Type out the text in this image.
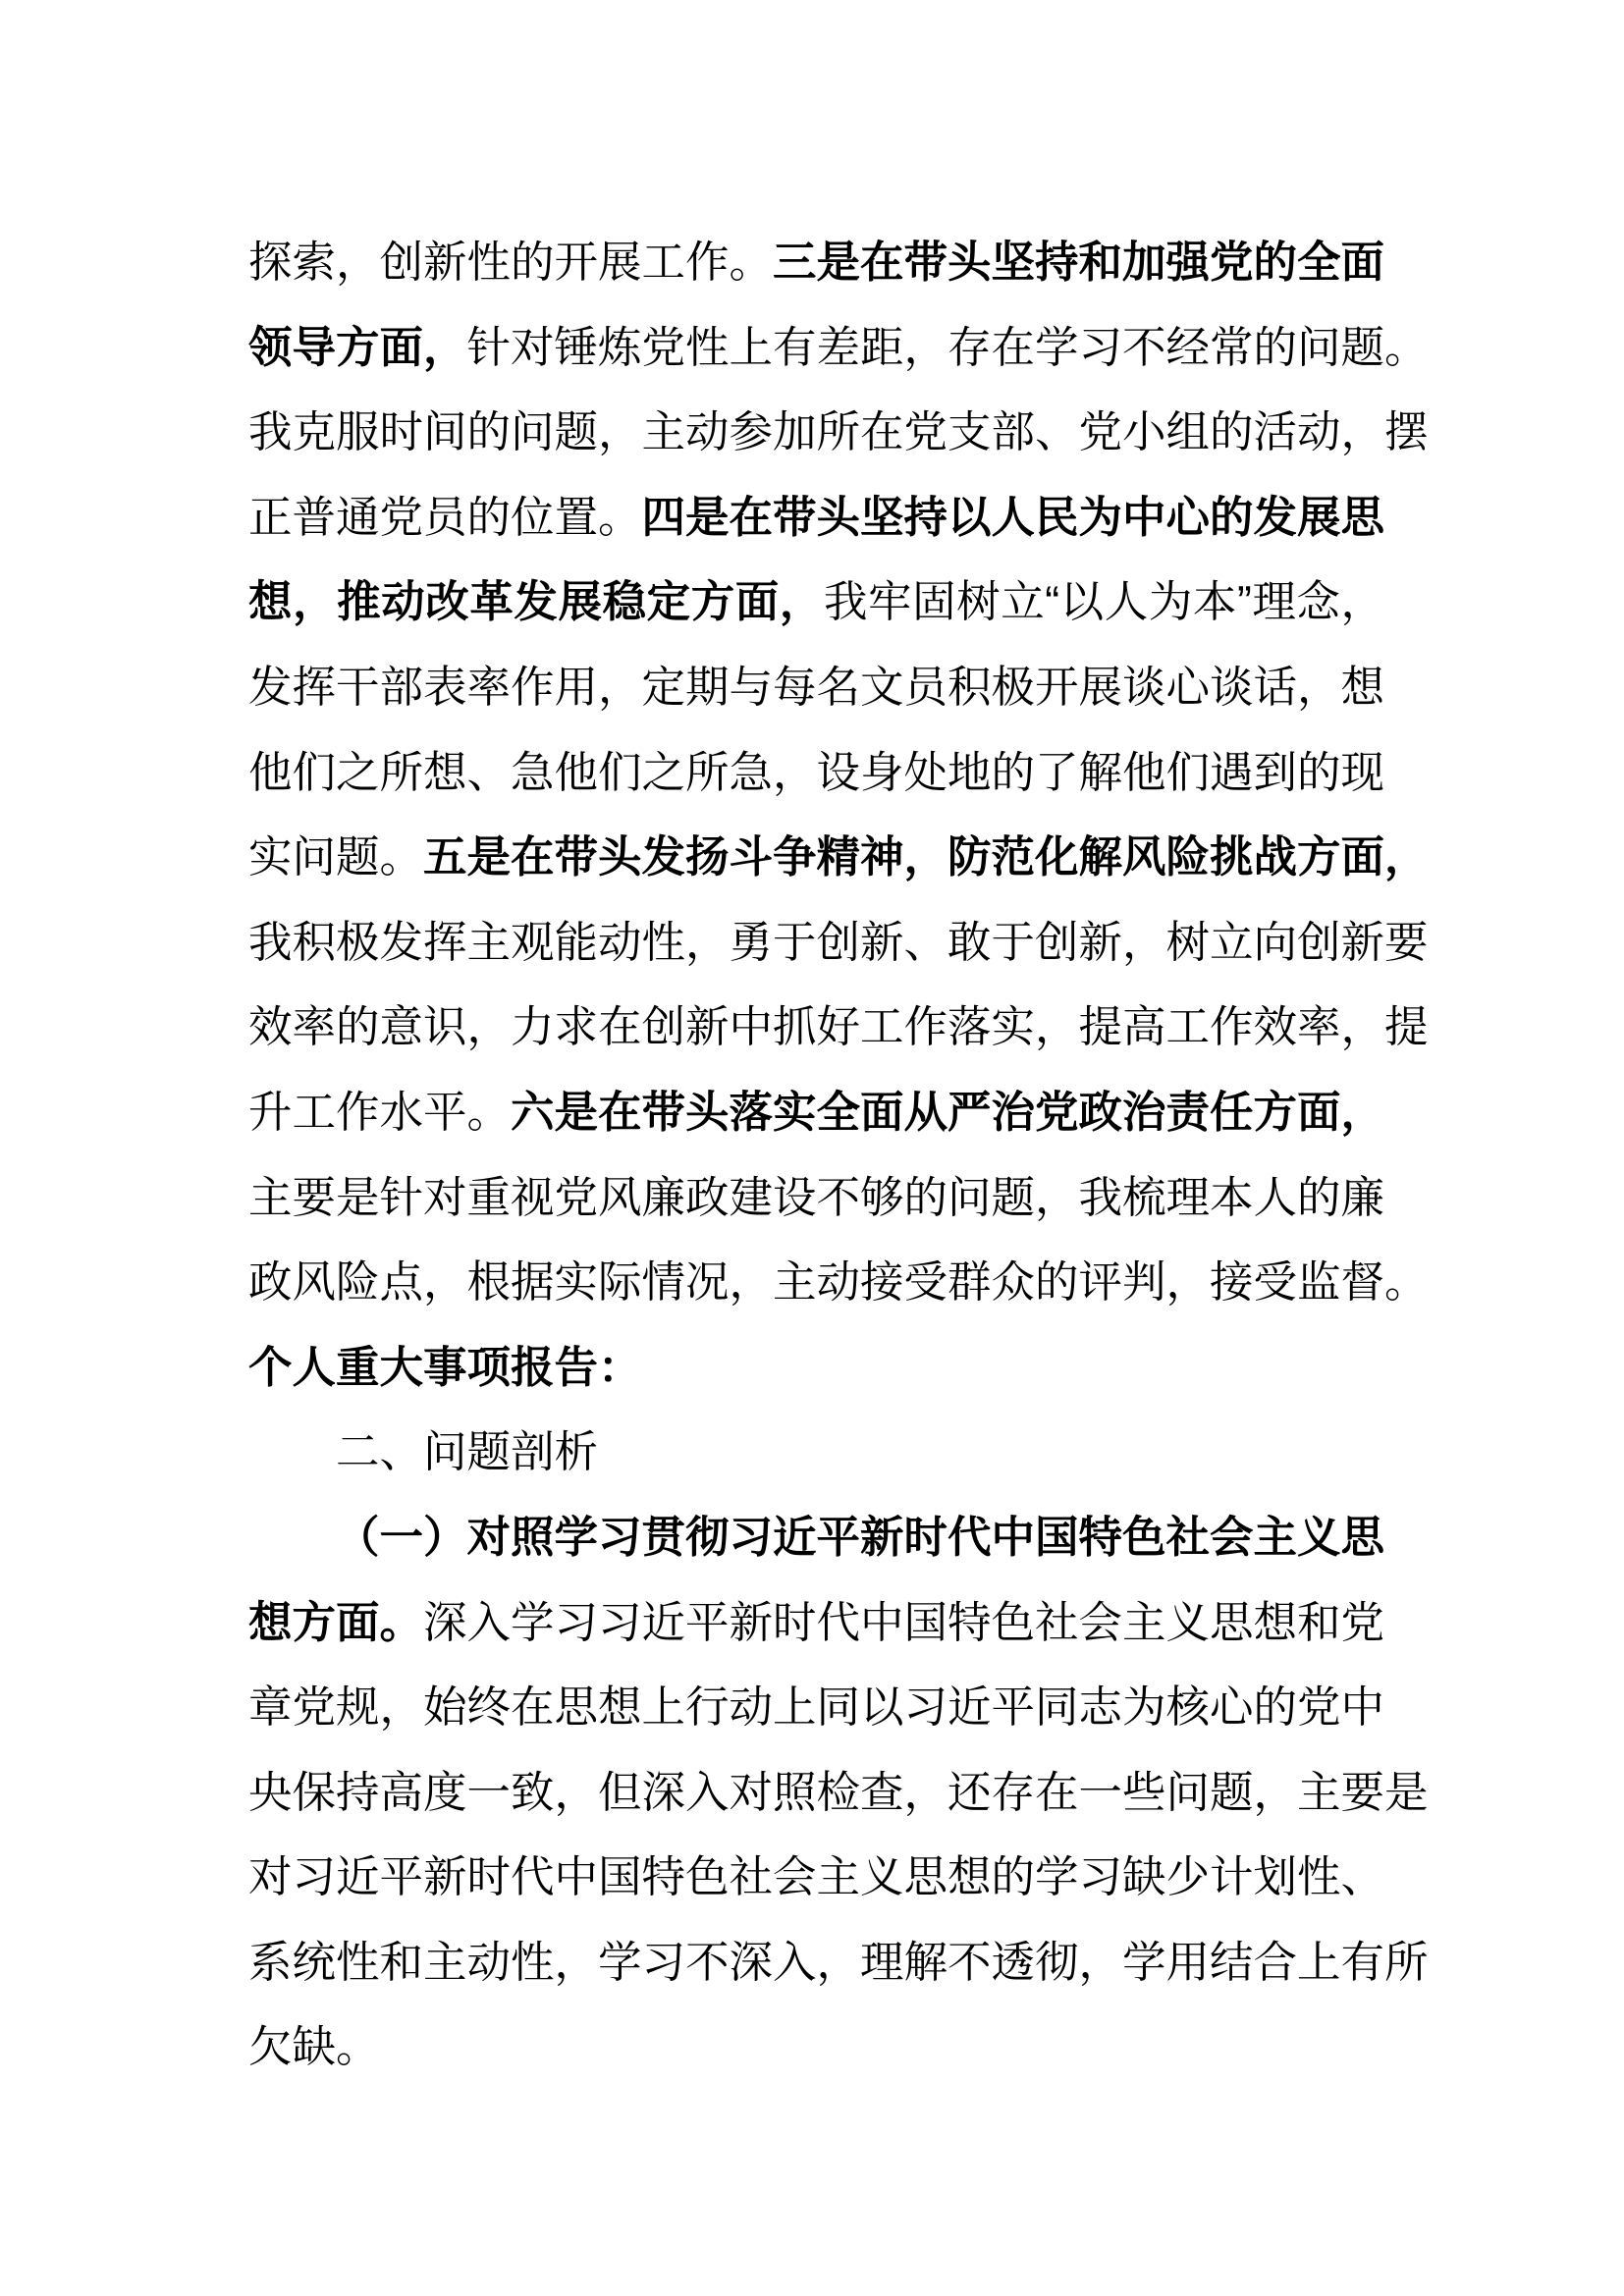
探索，创新性的开展工作。三是在带头坚持和加强党的全面
领导方面，针对锤炼党性上有差距，存在学习不经常的问题。
我克服时间的问题，主动参加所在党支部、党小组的活动，摆
正普通党员的位置。四是在带头坚持以人民为中心的发展思
想，推动改革发展稳定方面，我牢固树立“以人为本”理念，
发挥干部表率作用，定期与每名文员积极开展谈心谈话，想
他们之所想、急他们之所急，设身处地的了解他们遇到的现
实问题。五是在带头发扬斗争精神，防范化解风险挑战方面，
我积极发挥主观能动性，勇于创新、敢于创新，树立向创新要
效率的意识，力求在创新中抓好工作落实，提高工作效率，提
升工作水平。六是在带头落实全面从严治党政治责任方面，
主要是针对重视党风廉政建设不够的问题，我梳理本人的廉
政风险点，根据实际情况，主动接受群众的评判，接受监督。
个人重大事项报告：
二、问题剖析
（一）对照学习贯彻习近平新时代中国特色社会主义思
想方面。深入学习习近平新时代中国特色社会主义思想和党
章党规，始终在思想上行动上同以习近平同志为核心的党中
央保持高度一致，但深入对照检查，还存在一些问题，主要是
对习近平新时代中国特色社会主义思想的学习缺少计划性、
系统性和主动性，学习不深入，理解不透彻，学用结合上有所
欠缺。
